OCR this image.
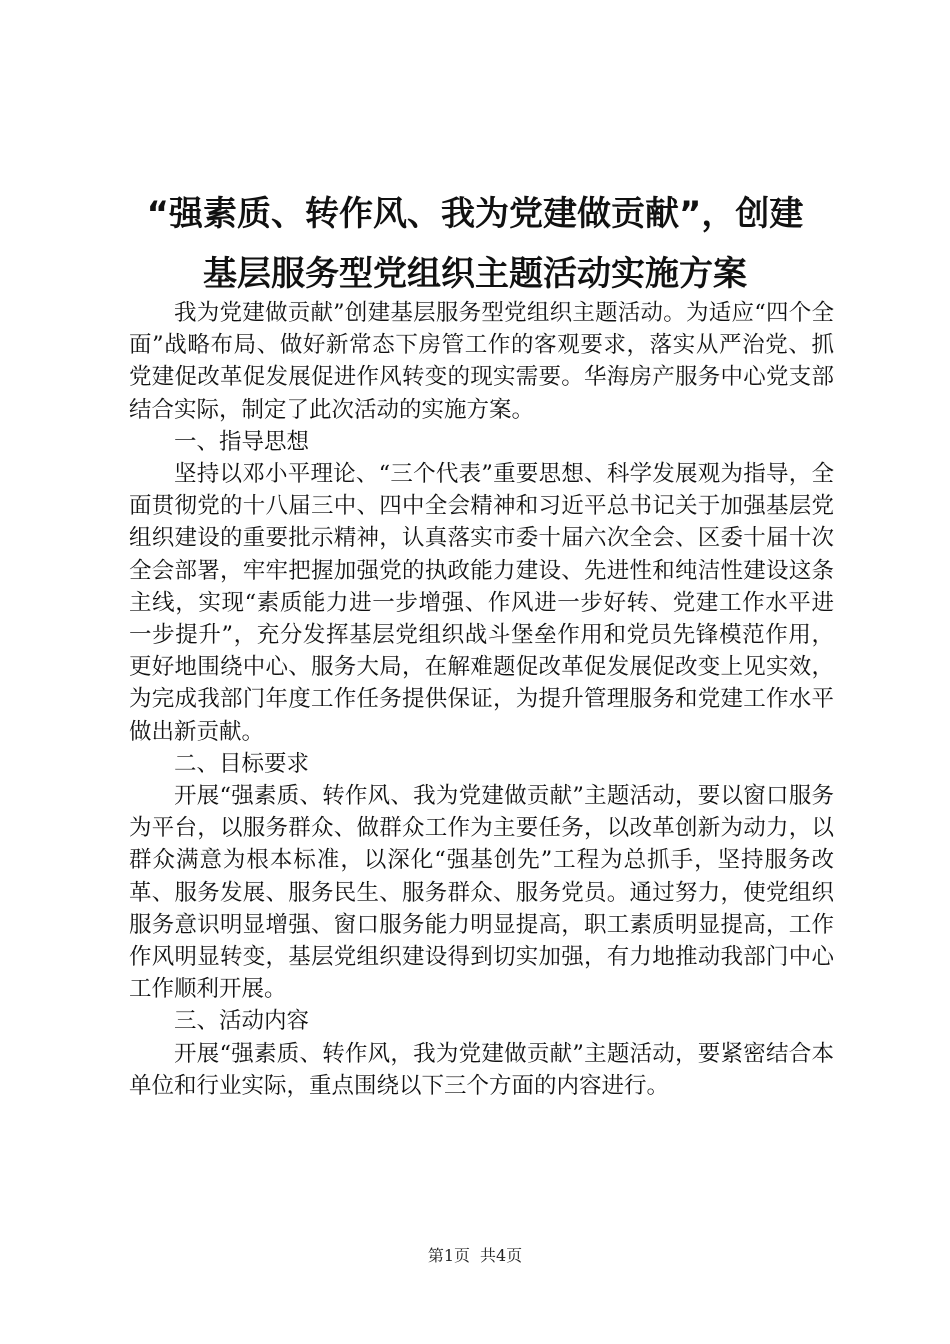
“强素质、转作风、我为党建做贡献”，创建
基层服务型党组织主题活动实施方案

我为党建做贡献”创建基层服务型党组织主题活动。为适应“四个全面”战略布局、做好新常态下房管工作的客观要求，落实从严治党、抓党建促改革促发展促进作风转变的现实需要。华海房产服务中心党支部结合实际，制定了此次活动的实施方案。

一、指导思想

坚持以邓小平理论、“三个代表”重要思想、科学发展观为指导，全面贯彻党的十八届三中、四中全会精神和习近平总书记关于加强基层党组织建设的重要批示精神，认真落实市委十届六次全会、区委十届十次全会部署，牢牢把握加强党的执政能力建设、先进性和纯洁性建设这条主线，实现“素质能力进一步增强、作风进一步好转、党建工作水平进一步提升”，充分发挥基层党组织战斗堡垒作用和党员先锋模范作用，更好地围绕中心、服务大局，在解难题促改革促发展促改变上见实效，为完成我部门年度工作任务提供保证，为提升管理服务和党建工作水平做出新贡献。

二、目标要求

开展“强素质、转作风、我为党建做贡献”主题活动，要以窗口服务为平台，以服务群众、做群众工作为主要任务，以改革创新为动力，以群众满意为根本标准，以深化“强基创先”工程为总抓手，坚持服务改革、服务发展、服务民生、服务群众、服务党员。通过努力，使党组织服务意识明显增强、窗口服务能力明显提高，职工素质明显提高，工作作风明显转变，基层党组织建设得到切实加强，有力地推动我部门中心工作顺利开展。

三、活动内容

开展“强素质、转作风，我为党建做贡献”主题活动，要紧密结合本单位和行业实际，重点围绕以下三个方面的内容进行。

第1页 共4页
